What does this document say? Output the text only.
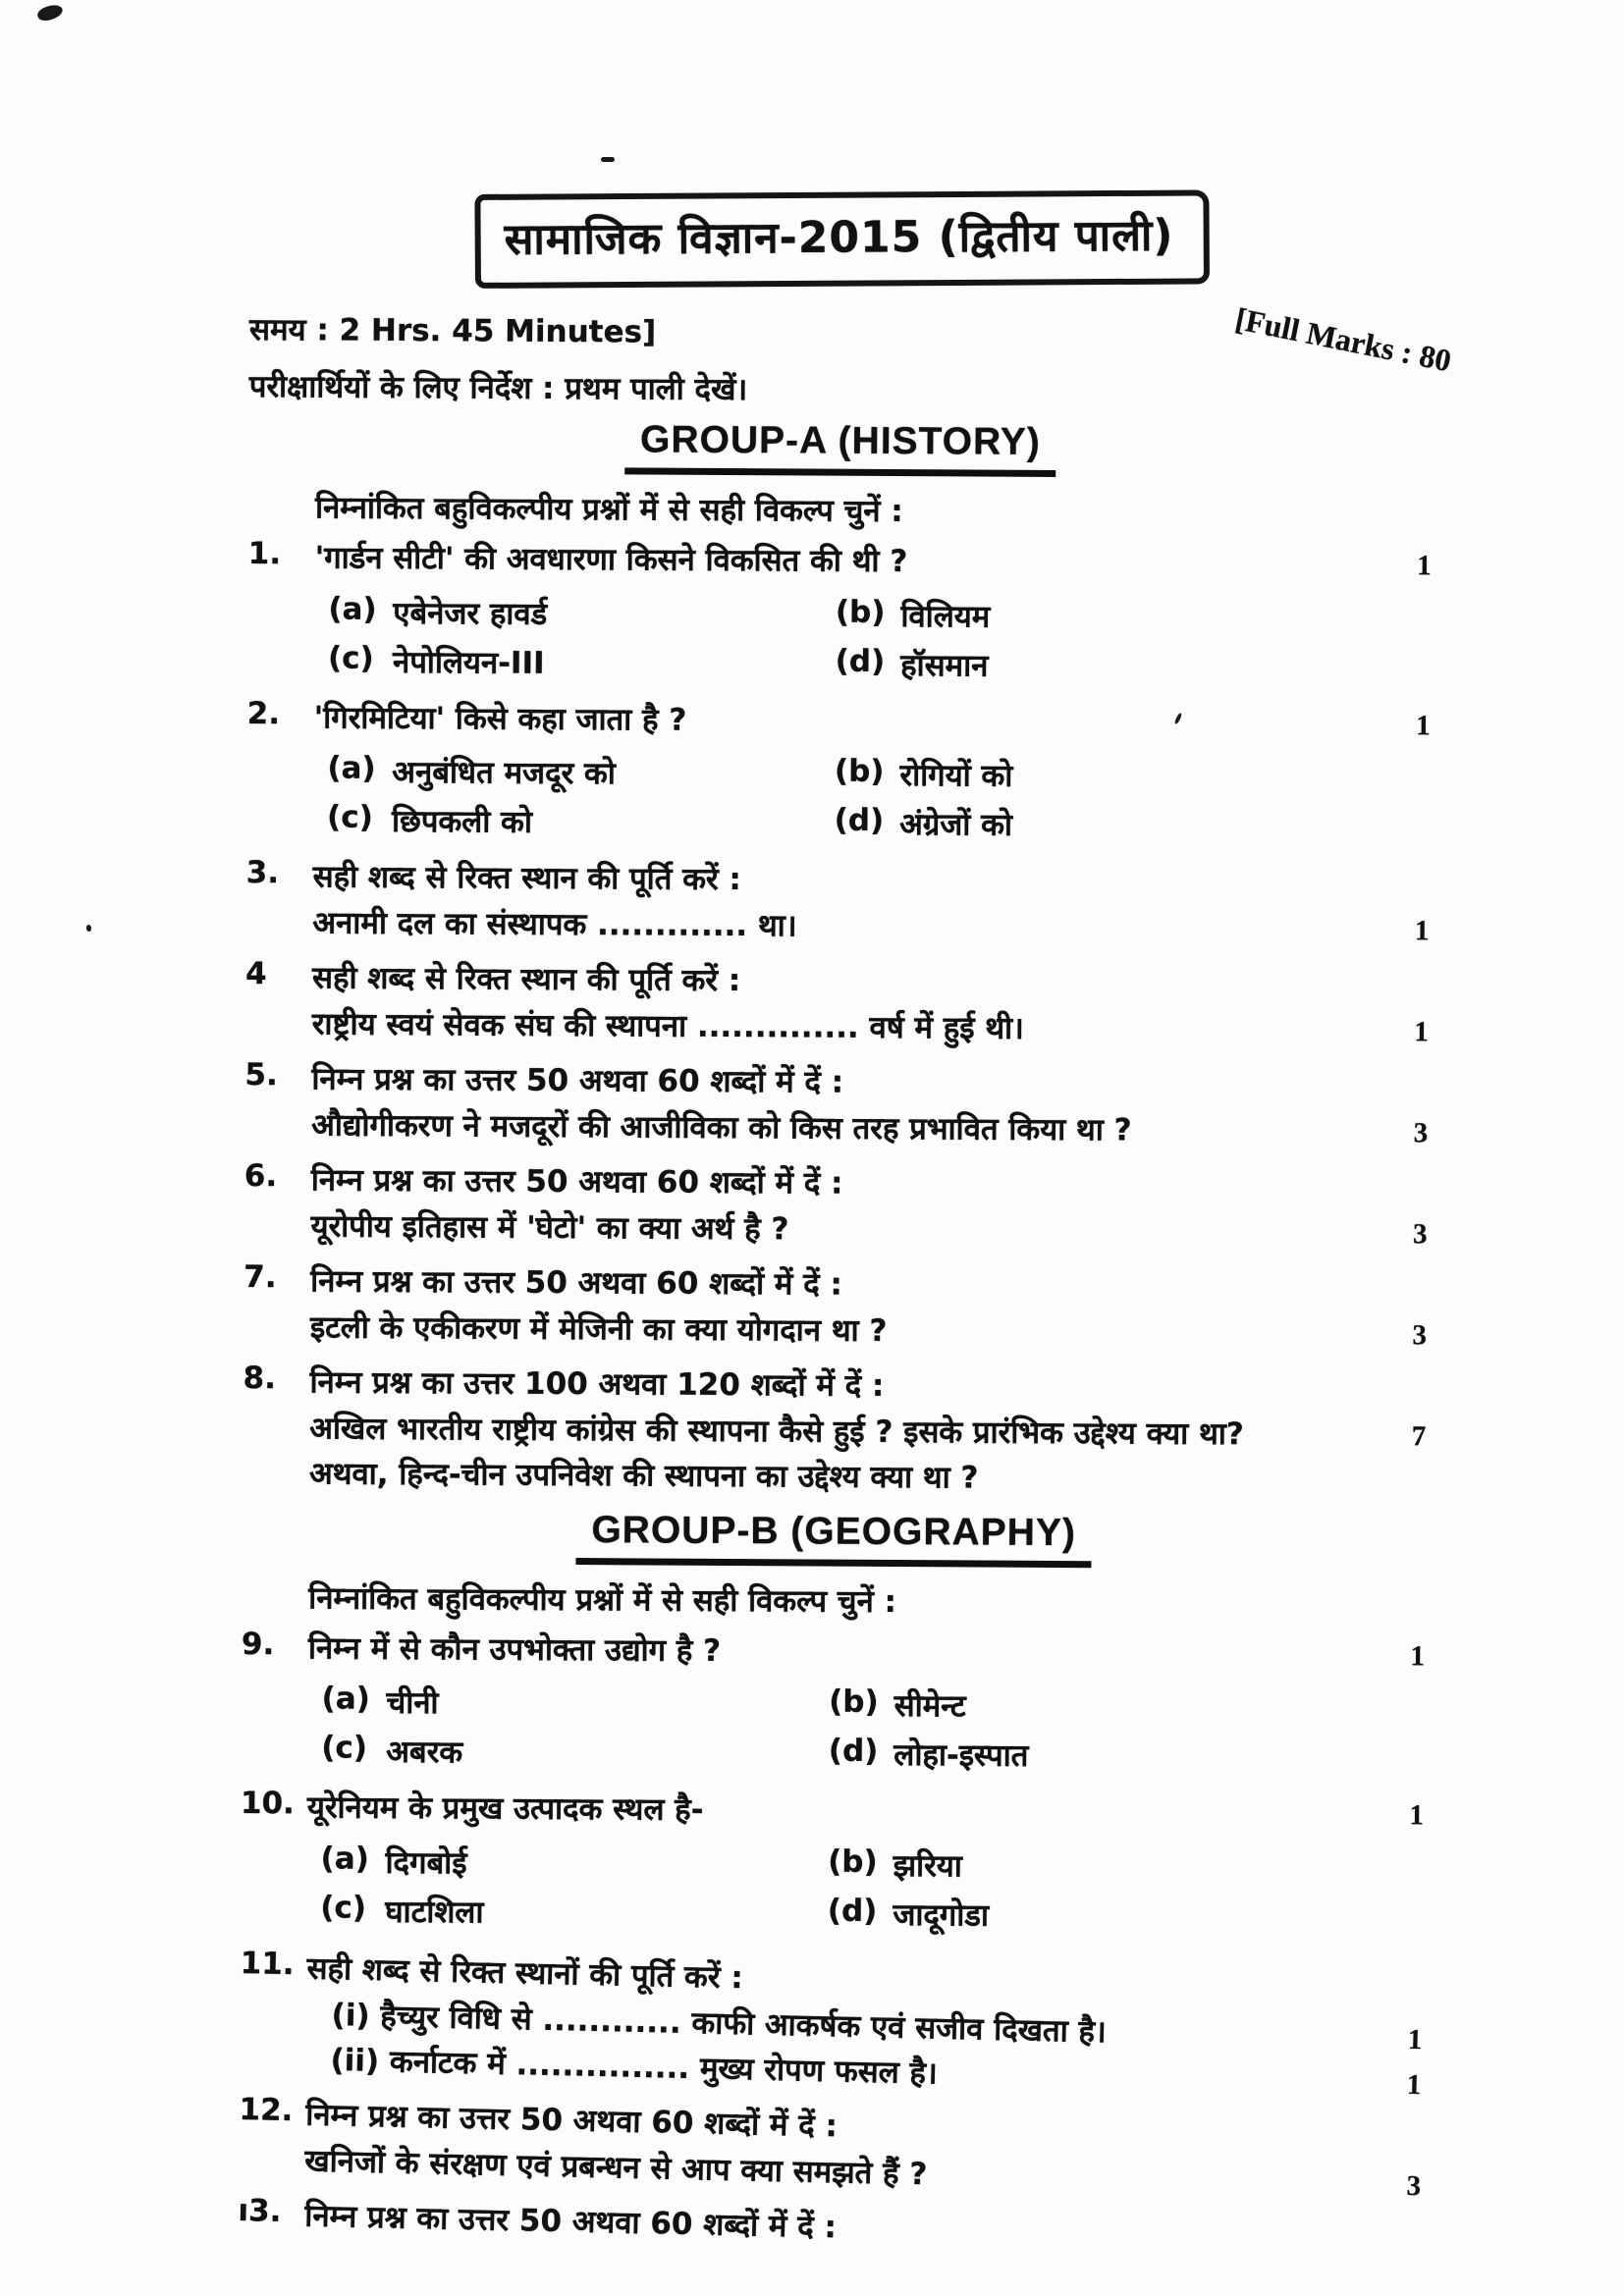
सामाजिक विज्ञान-2015 (द्वितीय पाली)
समय : 2 Hrs. 45 Minutes]	[Full Marks : 80
परीक्षार्थियों के लिए निर्देश : प्रथम पाली देखें।
GROUP-A (HISTORY)
निम्नांकित बहुविकल्पीय प्रश्नों में से सही विकल्प चुनें :
1.	'गार्डन सीटी' की अवधारणा किसने विकसित की थी ?	1
(a) एबेनेजर हावर्ड	(b) विलियम
(c) नेपोलियन-III	(d) हॉसमान
2.	'गिरमिटिया' किसे कहा जाता है ?	1
(a) अनुबंधित मजदूर को	(b) रोगियों को
(c) छिपकली को	(d) अंग्रेजों को
3.	सही शब्द से रिक्त स्थान की पूर्ति करें :
अनामी दल का संस्थापक ............. था।	1
4	सही शब्द से रिक्त स्थान की पूर्ति करें :
राष्ट्रीय स्वयं सेवक संघ की स्थापना .............. वर्ष में हुई थी।	1
5.	निम्न प्रश्न का उत्तर 50 अथवा 60 शब्दों में दें :
औद्योगीकरण ने मजदूरों की आजीविका को किस तरह प्रभावित किया था ?	3
6.	निम्न प्रश्न का उत्तर 50 अथवा 60 शब्दों में दें :
यूरोपीय इतिहास में 'घेटो' का क्या अर्थ है ?	3
7.	निम्न प्रश्न का उत्तर 50 अथवा 60 शब्दों में दें :
इटली के एकीकरण में मेजिनी का क्या योगदान था ?	3
8.	निम्न प्रश्न का उत्तर 100 अथवा 120 शब्दों में दें :
अखिल भारतीय राष्ट्रीय कांग्रेस की स्थापना कैसे हुई ? इसके प्रारंभिक उद्देश्य क्या था?	7
अथवा, हिन्द-चीन उपनिवेश की स्थापना का उद्देश्य क्या था ?
GROUP-B (GEOGRAPHY)
निम्नांकित बहुविकल्पीय प्रश्नों में से सही विकल्प चुनें :
9.	निम्न में से कौन उपभोक्ता उद्योग है ?	1
(a) चीनी	(b) सीमेन्ट
(c) अबरक	(d) लोहा-इस्पात
10. यूरेनियम के प्रमुख उत्पादक स्थल है-	1
(a) दिगबोई	(b) झरिया
(c) घाटशिला	(d) जादूगोडा
11. सही शब्द से रिक्त स्थानों की पूर्ति करें :
(i) हैच्युर विधि से ............ काफी आकर्षक एवं सजीव दिखता है।	1
(ii) कर्नाटक में ............... मुख्य रोपण फसल है।	1
12. निम्न प्रश्न का उत्तर 50 अथवा 60 शब्दों में दें :
खनिजों के संरक्षण एवं प्रबन्धन से आप क्या समझते हैं ?	3
ı3. निम्न प्रश्न का उत्तर 50 अथवा 60 शब्दों में दें :
